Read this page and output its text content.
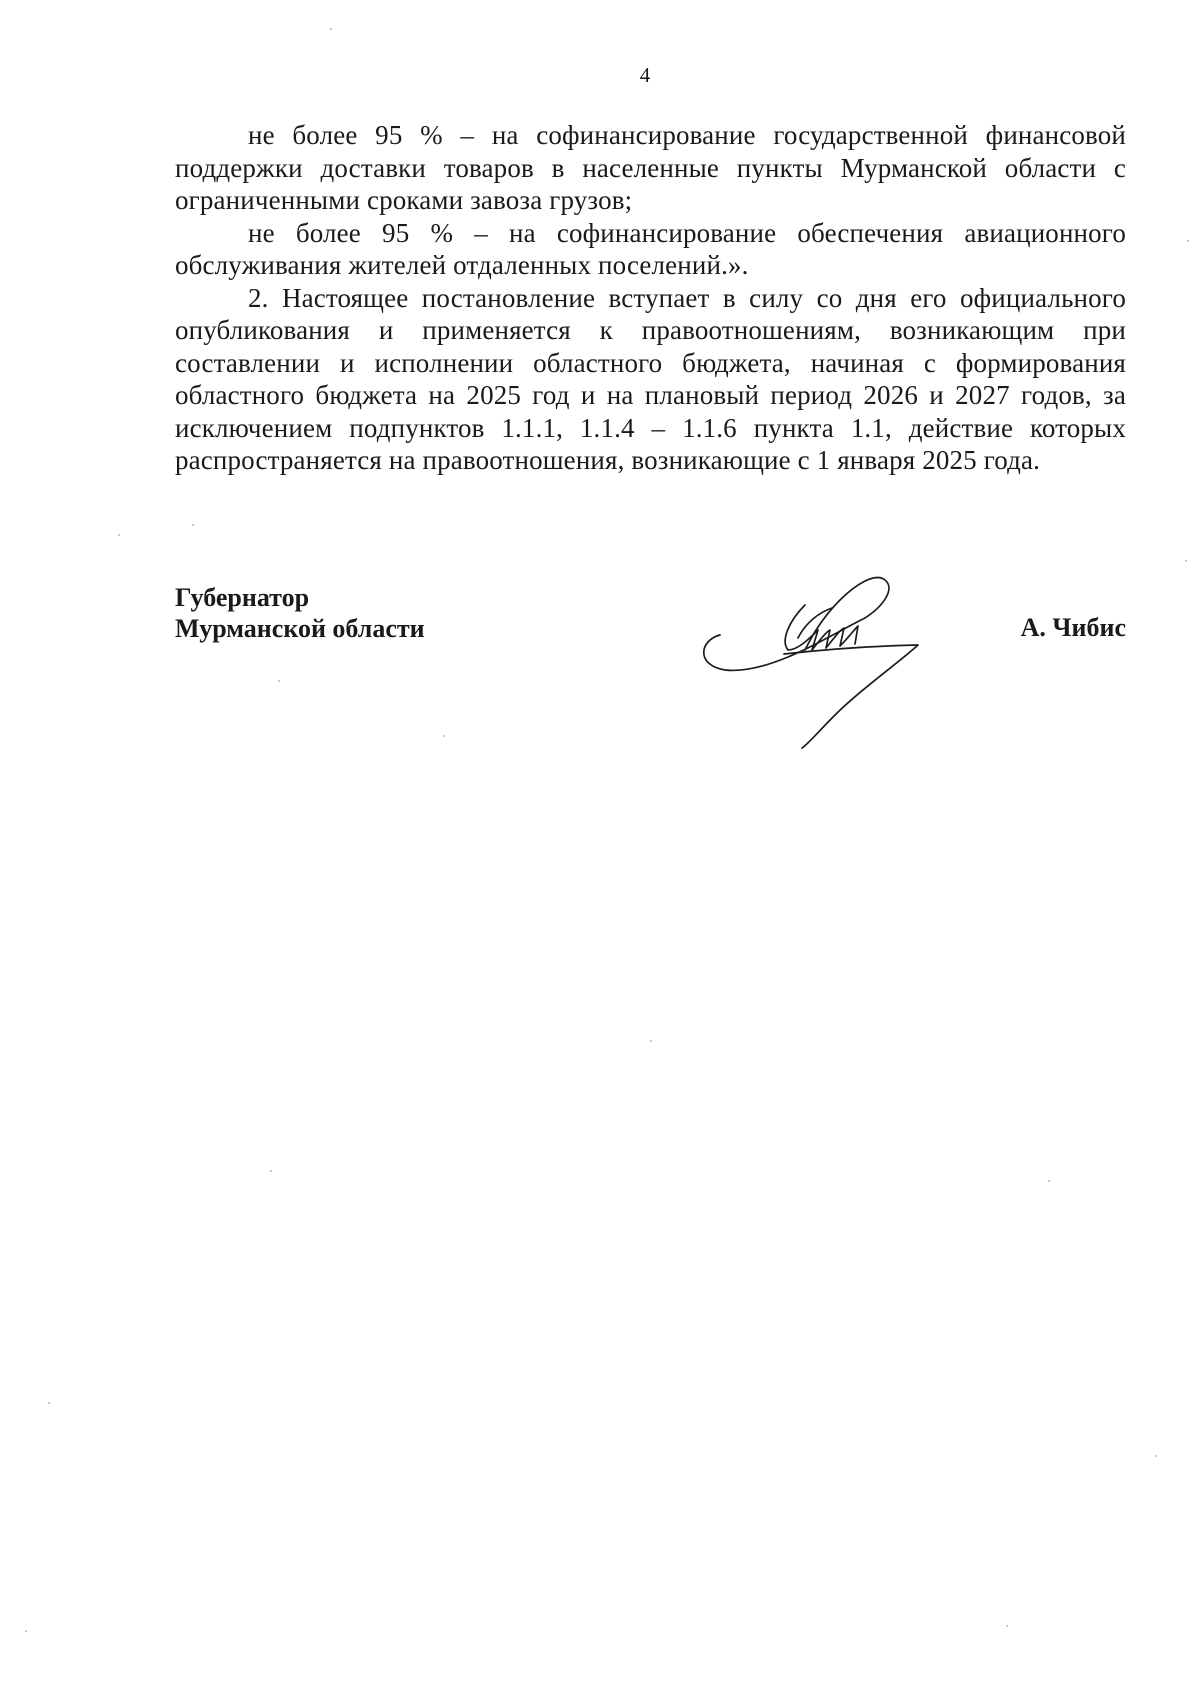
4

не более 95 % – на софинансирование государственной финансовой поддержки доставки товаров в населенные пункты Мурманской области с ограниченными сроками завоза грузов;

не более 95 % – на софинансирование обеспечения авиационного обслуживания жителей отдаленных поселений.».

2. Настоящее постановление вступает в силу со дня его официального опубликования и применяется к правоотношениям, возникающим при составлении и исполнении областного бюджета, начиная с формирования областного бюджета на 2025 год и на плановый период 2026 и 2027 годов, за исключением подпунктов 1.1.1, 1.1.4 – 1.1.6 пункта 1.1, действие которых распространяется на правоотношения, возникающие с 1 января 2025 года.

Губернатор
Мурманской области	А. Чибис
